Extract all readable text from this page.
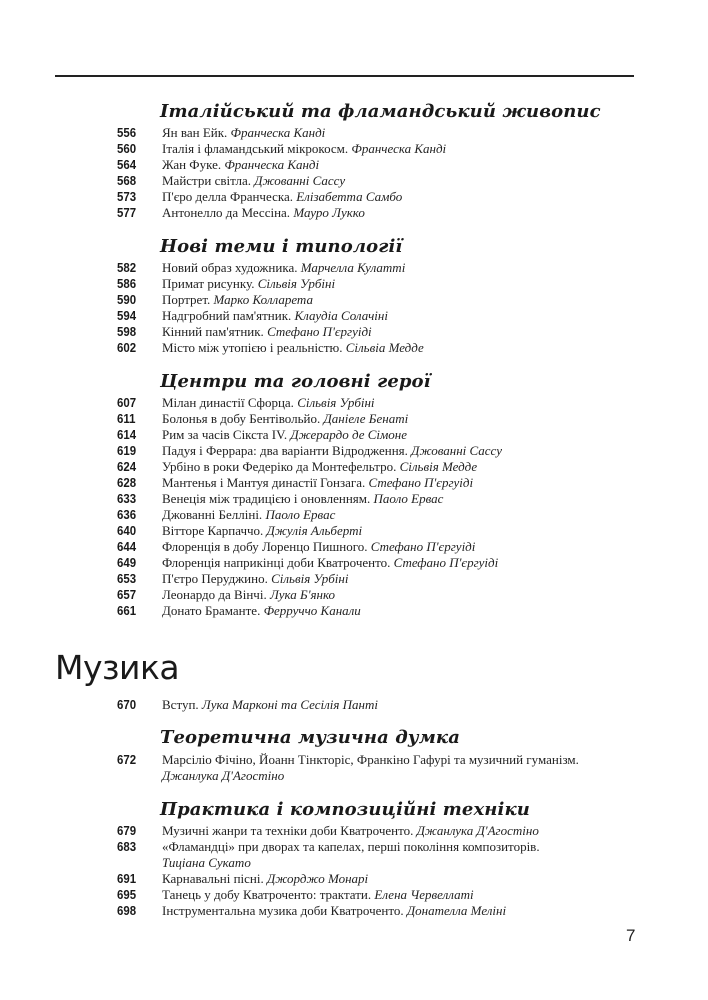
Італійський та фламандський живопис
556 Ян ван Ейк. Франческа Канді
560 Італія і фламандський мікрокосм. Франческа Канді
564 Жан Фуке. Франческа Канді
568 Майстри світла. Джованні Сассу
573 П'єро делла Франческа. Елізабетта Самбо
577 Антонелло да Мессіна. Мауро Лукко
Нові теми і типології
582 Новий образ художника. Марчелла Кулатті
586 Примат рисунку. Сільвія Урбіні
590 Портрет. Марко Колларета
594 Надгробний пам'ятник. Клаудіа Солачіні
598 Кінний пам'ятник. Стефано П'єргуіді
602 Місто між утопією і реальністю. Сільвіа Медде
Центри та головні герої
607 Мілан династії Сфорца. Сільвія Урбіні
611 Болонья в добу Бентівольйо. Даніеле Бенаті
614 Рим за часів Сікста IV. Джерардо де Сімоне
619 Падуя і Феррара: два варіанти Відродження. Джованні Сассу
624 Урбіно в роки Федеріко да Монтефельтро. Сільвія Медде
628 Мантенья і Мантуя династії Гонзага. Стефано П'єргуіді
633 Венеція між традицією і оновленням. Паоло Ервас
636 Джованні Белліні. Паоло Ервас
640 Вітторе Карпаччо. Джулія Альберті
644 Флоренція в добу Лоренцо Пишного. Стефано П'єргуіді
649 Флоренція наприкінці доби Кватроченто. Стефано П'єргуіді
653 П'єтро Перуджино. Сільвія Урбіні
657 Леонардо да Вінчі. Лука Б'янко
661 Донато Браманте. Ферруччо Канали
Музика
670 Вступ. Лука Марконі та Сесілія Панті
Теоретична музична думка
672 Марсіліо Фічіно, Йоанн Тінкторіс, Франкіно Гафурі та музичний гуманізм.
Джанлука Д'Агостіно
Практика і композиційні техніки
679 Музичні жанри та техніки доби Кватроченто. Джанлука Д'Агостіно
683 «Фламандці» при дворах та капелах, перші покоління композиторів.
Тиціана Сукато
691 Карнавальні пісні. Джорджо Монарі
695 Танець у добу Кватроченто: трактати. Елена Червеллаті
698 Інструментальна музика доби Кватроченто. Донателла Меліні
7
